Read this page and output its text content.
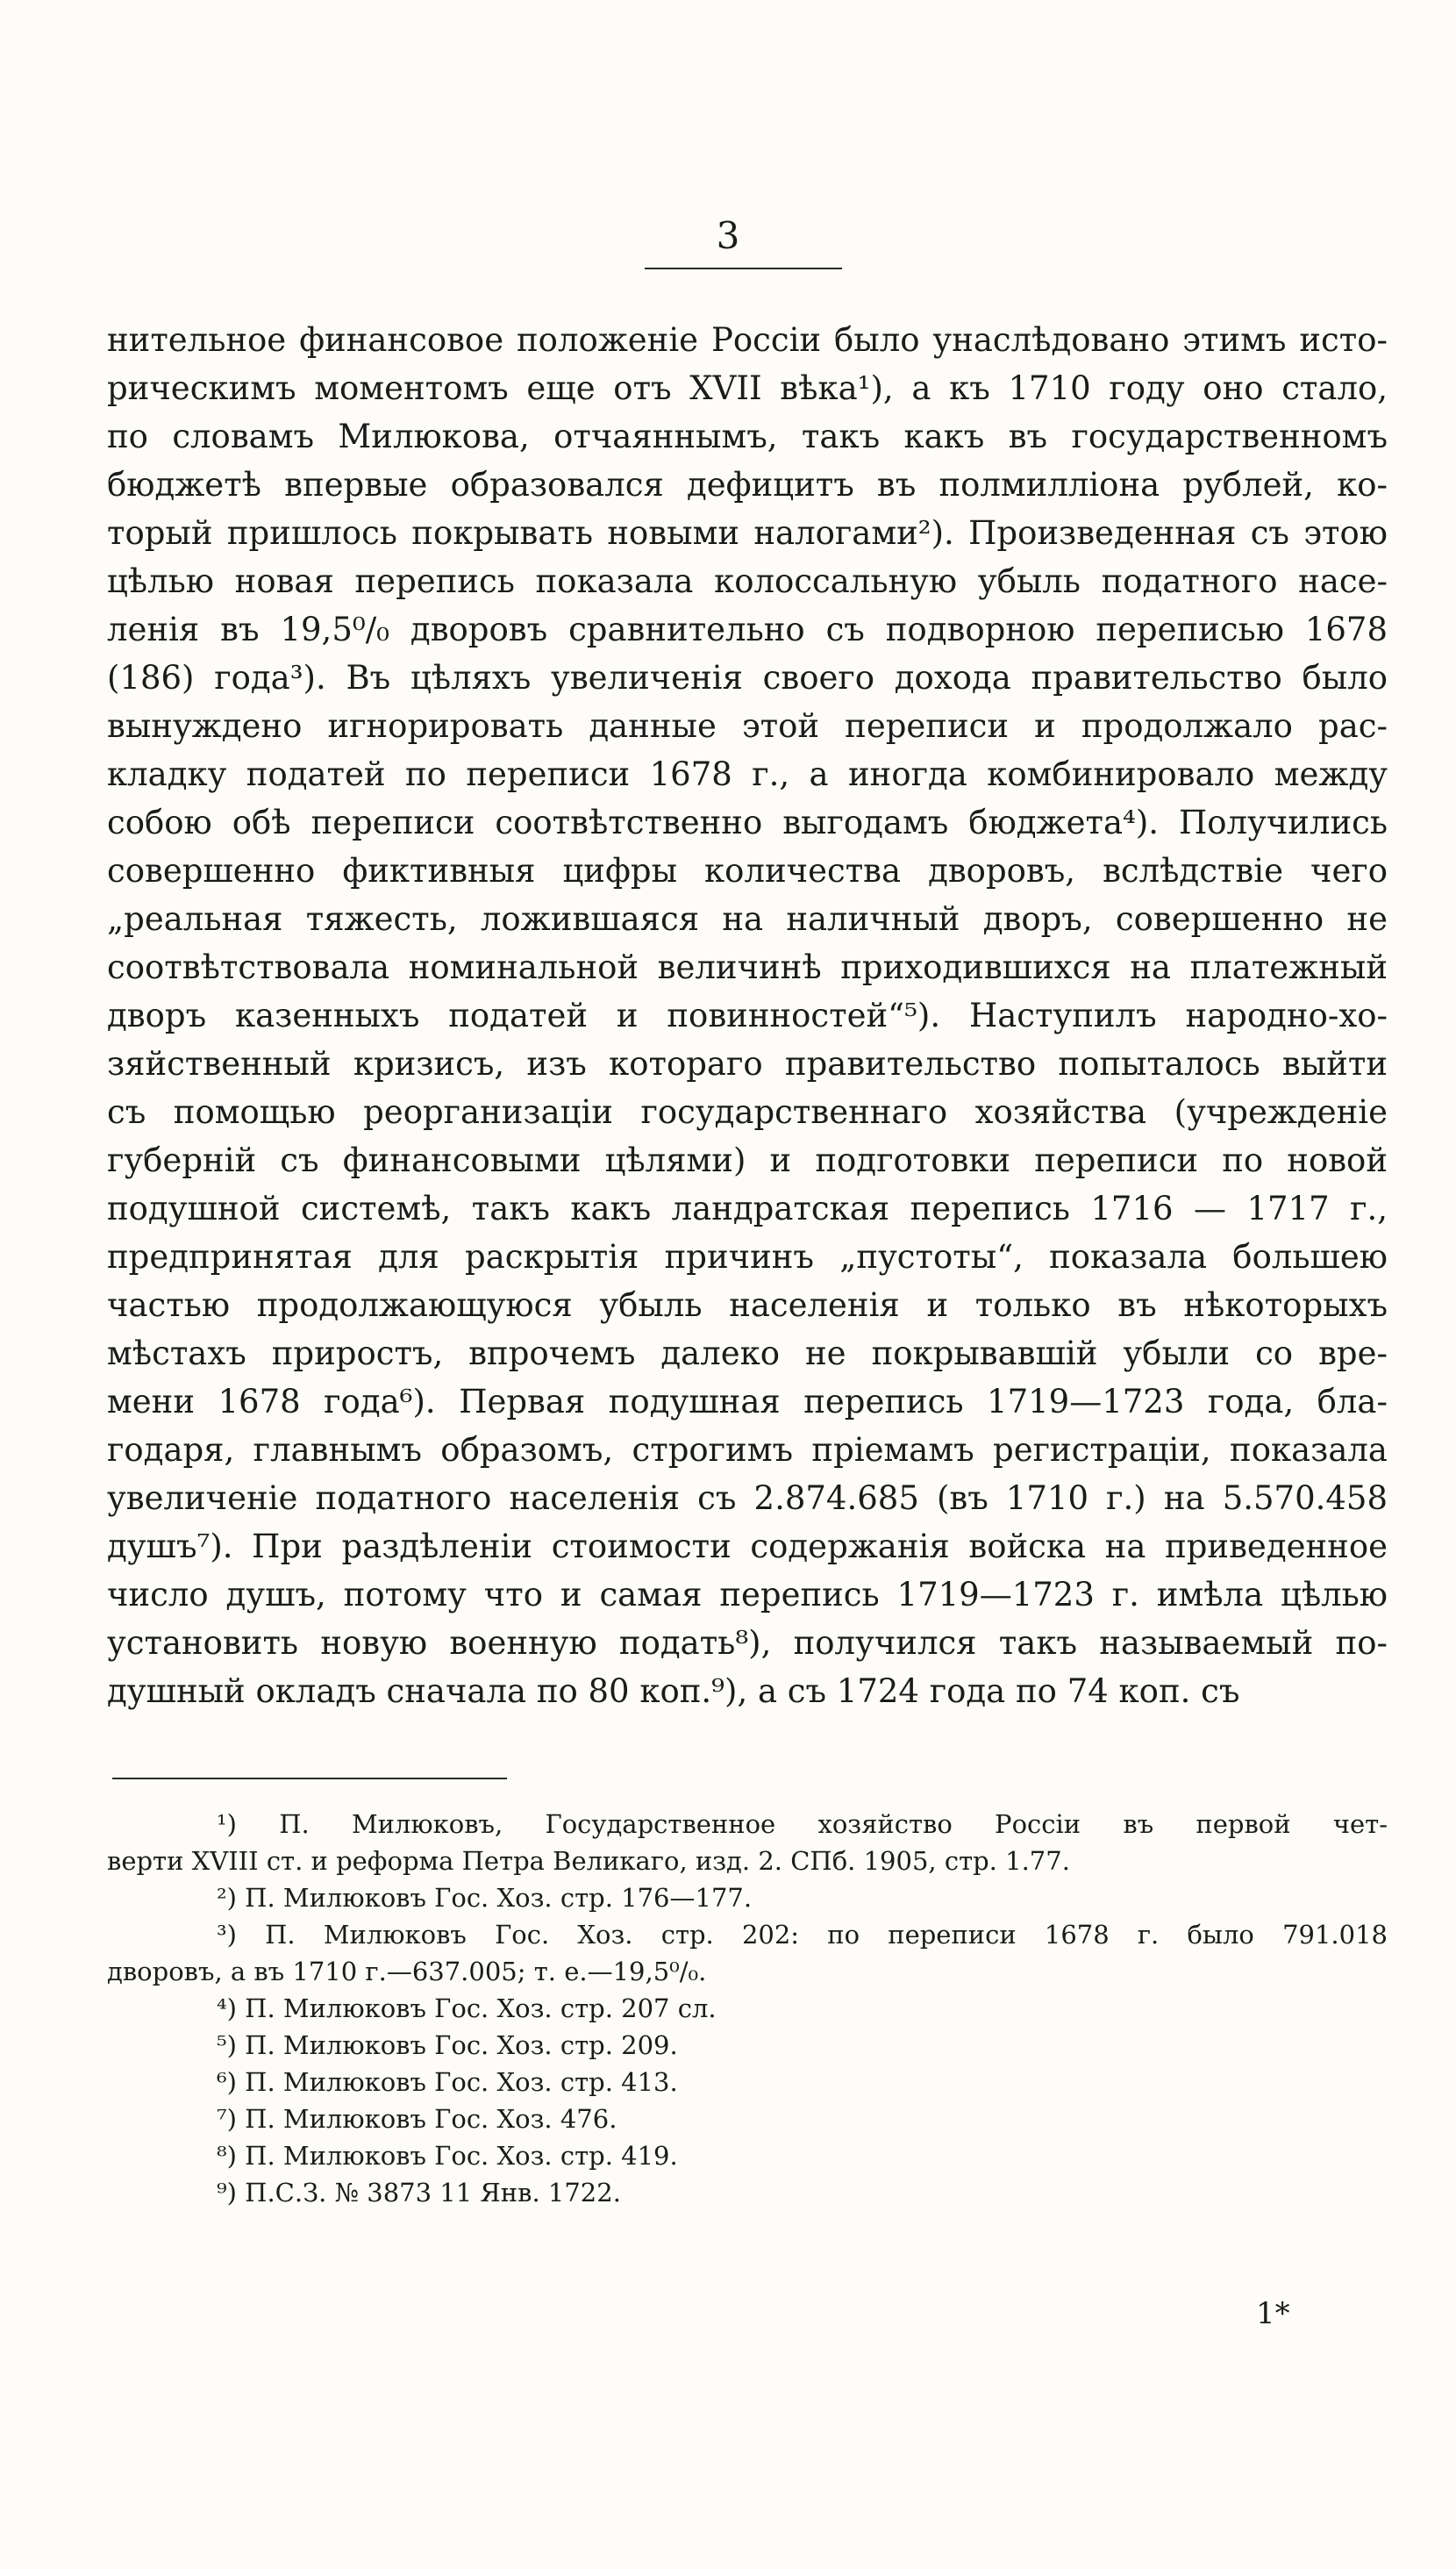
3
нительное финансовое положеніе Россіи было унаслѣдовано этимъ исто-
рическимъ моментомъ еще отъ XVII вѣка¹), а къ 1710 году оно стало,
по словамъ Милюкова, отчаяннымъ, такъ какъ въ государственномъ
бюджетѣ впервые образовался дефицитъ въ полмилліона рублей, ко-
торый пришлось покрывать новыми налогами²). Произведенная съ этою
цѣлью новая перепись показала колоссальную убыль податного насе-
ленія въ 19,5⁰/₀ дворовъ сравнительно съ подворною переписью 1678
(186) года³). Въ цѣляхъ увеличенія своего дохода правительство было
вынуждено игнорировать данные этой переписи и продолжало рас-
кладку податей по переписи 1678 г., а иногда комбинировало между
собою обѣ переписи соотвѣтственно выгодамъ бюджета⁴). Получились
совершенно фиктивныя цифры количества дворовъ, вслѣдствіе чего
„реальная тяжесть, ложившаяся на наличный дворъ, совершенно не
соотвѣтствовала номинальной величинѣ приходившихся на платежный
дворъ казенныхъ податей и повинностей“⁵). Наступилъ народно-хо-
зяйственный кризисъ, изъ котораго правительство попыталось выйти
съ помощью реорганизаціи государственнаго хозяйства (учрежденіе
губерній съ финансовыми цѣлями) и подготовки переписи по новой
подушной системѣ, такъ какъ ландратская перепись 1716 — 1717 г.,
предпринятая для раскрытія причинъ „пустоты“, показала большею
частью продолжающуюся убыль населенія и только въ нѣкоторыхъ
мѣстахъ приростъ, впрочемъ далеко не покрывавшій убыли со вре-
мени 1678 года⁶). Первая подушная перепись 1719—1723 года, бла-
годаря, главнымъ образомъ, строгимъ пріемамъ регистраціи, показала
увеличеніе податного населенія съ 2.874.685 (въ 1710 г.) на 5.570.458
душъ⁷). При раздѣленіи стоимости содержанія войска на приведенное
число душъ, потому что и самая перепись 1719—1723 г. имѣла цѣлью
установить новую военную подать⁸), получился такъ называемый по-
душный окладъ сначала по 80 коп.⁹), а съ 1724 года по 74 коп. съ
¹) П. Милюковъ, Государственное хозяйство Россіи въ первой чет-
верти XVIII ст. и реформа Петра Великаго, изд. 2. СПб. 1905, стр. 1.77.
²) П. Милюковъ Гос. Хоз. стр. 176—177.
³) П. Милюковъ Гос. Хоз. стр. 202: по переписи 1678 г. было 791.018
дворовъ, а въ 1710 г.—637.005; т. е.—19,5⁰/₀.
⁴) П. Милюковъ Гос. Хоз. стр. 207 сл.
⁵) П. Милюковъ Гос. Хоз. стр. 209.
⁶) П. Милюковъ Гос. Хоз. стр. 413.
⁷) П. Милюковъ Гос. Хоз. 476.
⁸) П. Милюковъ Гос. Хоз. стр. 419.
⁹) П.С.З. № 3873 11 Янв. 1722.
1*
